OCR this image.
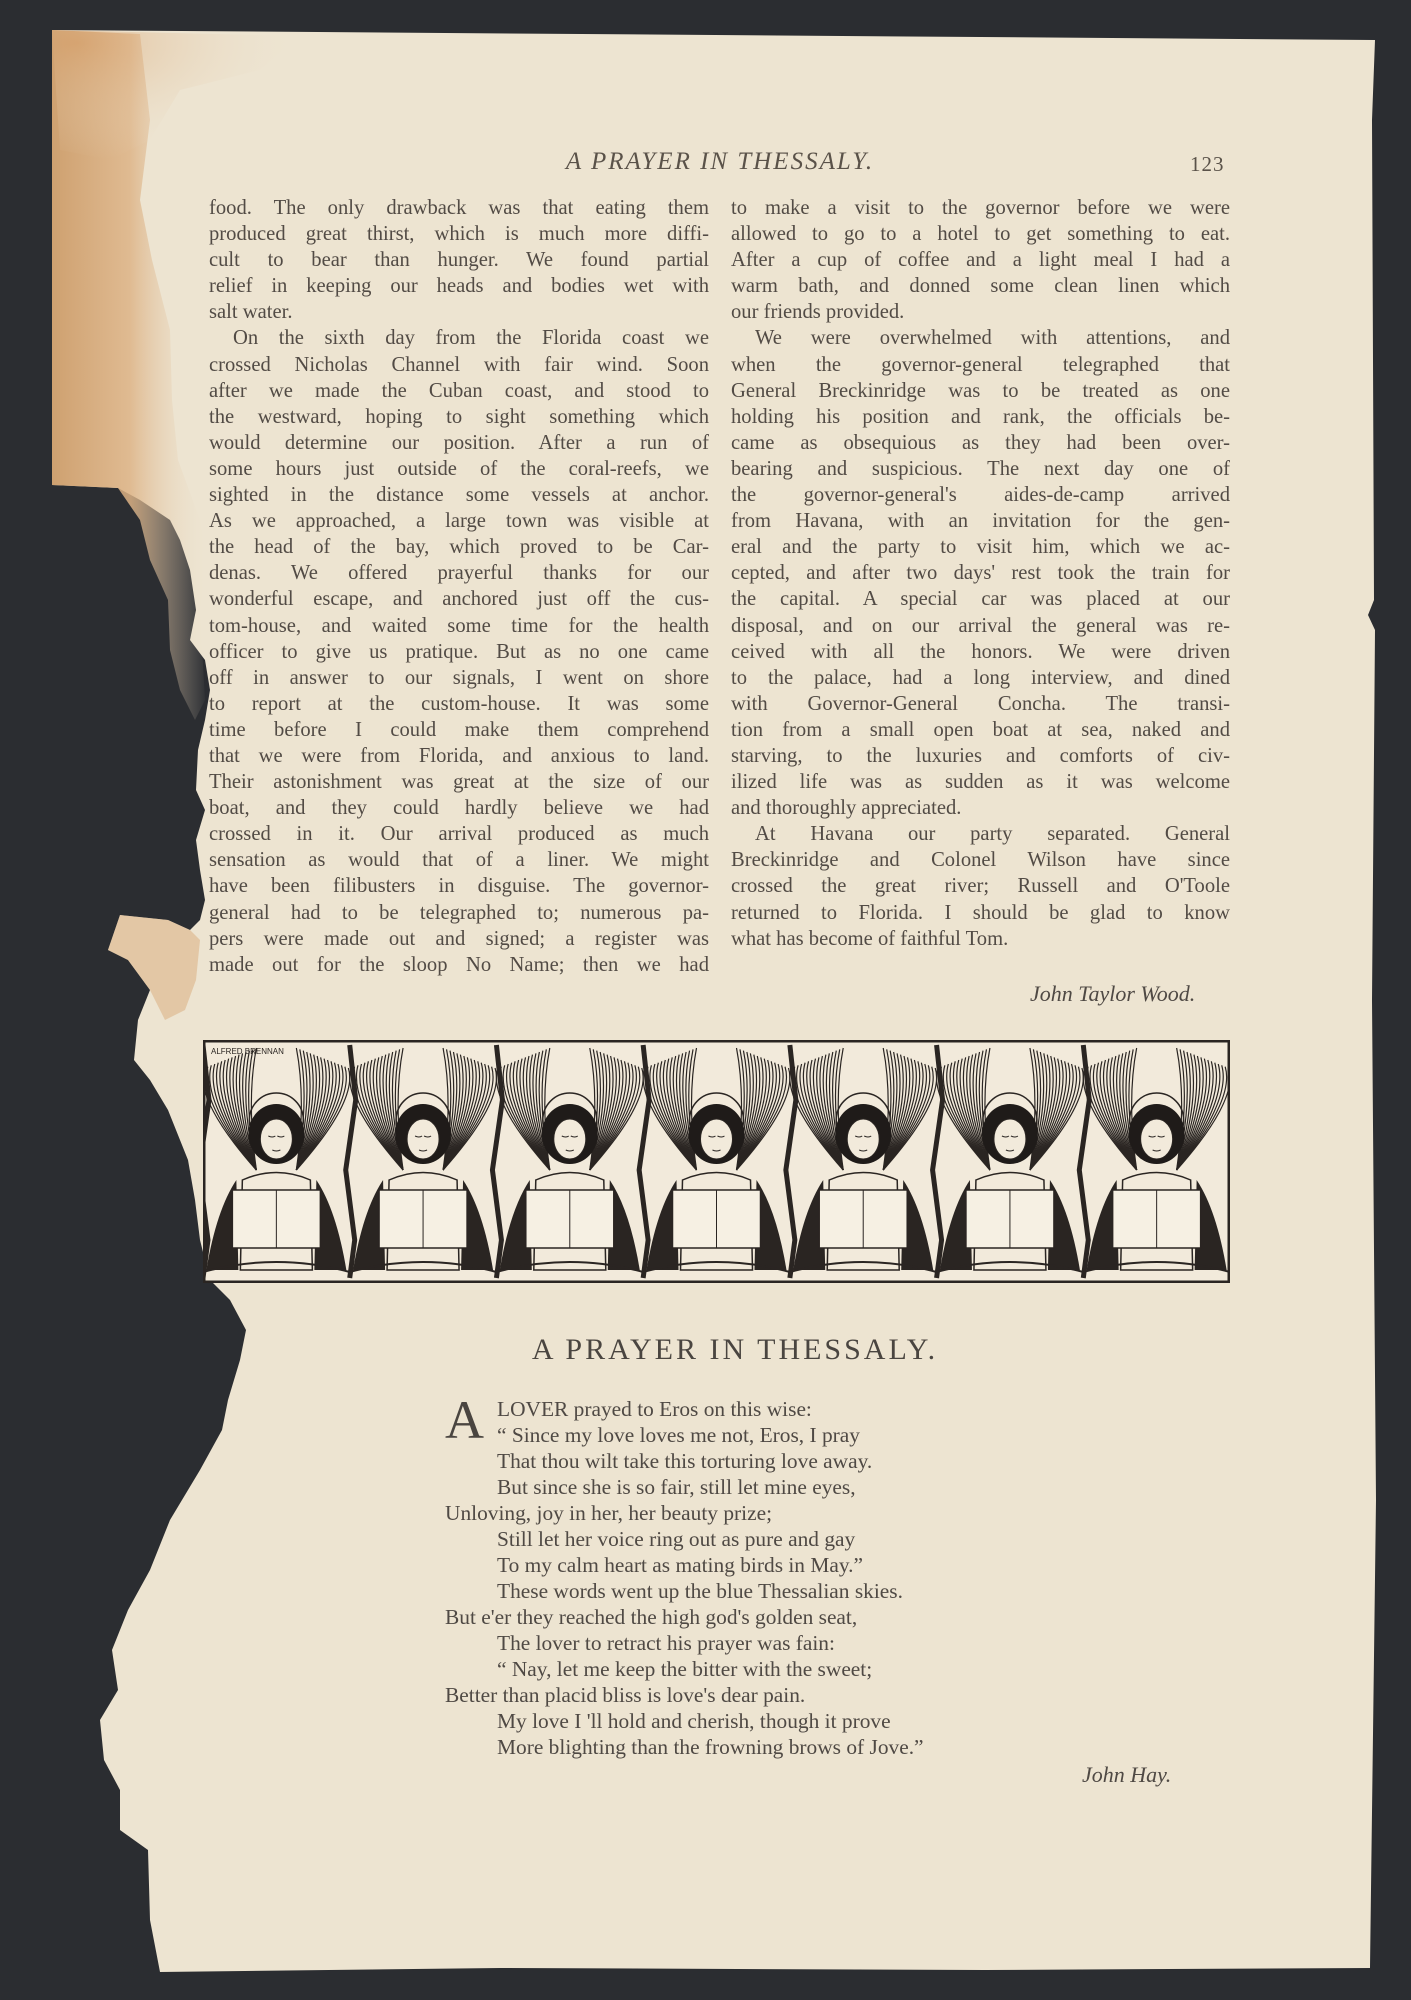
A PRAYER IN THESSALY.	123
food. The only drawback was that eating them
produced great thirst, which is much more diffi-
cult to bear than hunger. We found partial
relief in keeping our heads and bodies wet with
salt water.
On the sixth day from the Florida coast we
crossed Nicholas Channel with fair wind. Soon
after we made the Cuban coast, and stood to
the westward, hoping to sight something which
would determine our position. After a run of
some hours just outside of the coral-reefs, we
sighted in the distance some vessels at anchor.
As we approached, a large town was visible at
the head of the bay, which proved to be Car-
denas. We offered prayerful thanks for our
wonderful escape, and anchored just off the cus-
tom-house, and waited some time for the health
officer to give us pratique. But as no one came
off in answer to our signals, I went on shore
to report at the custom-house. It was some
time before I could make them comprehend
that we were from Florida, and anxious to land.
Their astonishment was great at the size of our
boat, and they could hardly believe we had
crossed in it. Our arrival produced as much
sensation as would that of a liner. We might
have been filibusters in disguise. The governor-
general had to be telegraphed to; numerous pa-
pers were made out and signed; a register was
made out for the sloop No Name; then we had
to make a visit to the governor before we were
allowed to go to a hotel to get something to eat.
After a cup of coffee and a light meal I had a
warm bath, and donned some clean linen which
our friends provided.
We were overwhelmed with attentions, and
when the governor-general telegraphed that
General Breckinridge was to be treated as one
holding his position and rank, the officials be-
came as obsequious as they had been over-
bearing and suspicious. The next day one of
the governor-general's aides-de-camp arrived
from Havana, with an invitation for the gen-
eral and the party to visit him, which we ac-
cepted, and after two days' rest took the train for
the capital. A special car was placed at our
disposal, and on our arrival the general was re-
ceived with all the honors. We were driven
to the palace, had a long interview, and dined
with Governor-General Concha. The transi-
tion from a small open boat at sea, naked and
starving, to the luxuries and comforts of civ-
ilized life was as sudden as it was welcome
and thoroughly appreciated.
At Havana our party separated. General
Breckinridge and Colonel Wilson have since
crossed the great river; Russell and O'Toole
returned to Florida. I should be glad to know
what has become of faithful Tom.
John Taylor Wood.
ALFRED BRENNAN
A PRAYER IN THESSALY.
A LOVER prayed to Eros on this wise:
“ Since my love loves me not, Eros, I pray
That thou wilt take this torturing love away.
But since she is so fair, still let mine eyes,
Unloving, joy in her, her beauty prize;
Still let her voice ring out as pure and gay
To my calm heart as mating birds in May.”
These words went up the blue Thessalian skies.
But e'er they reached the high god's golden seat,
The lover to retract his prayer was fain:
“ Nay, let me keep the bitter with the sweet;
Better than placid bliss is love's dear pain.
My love I 'll hold and cherish, though it prove
More blighting than the frowning brows of Jove.”
John Hay.
